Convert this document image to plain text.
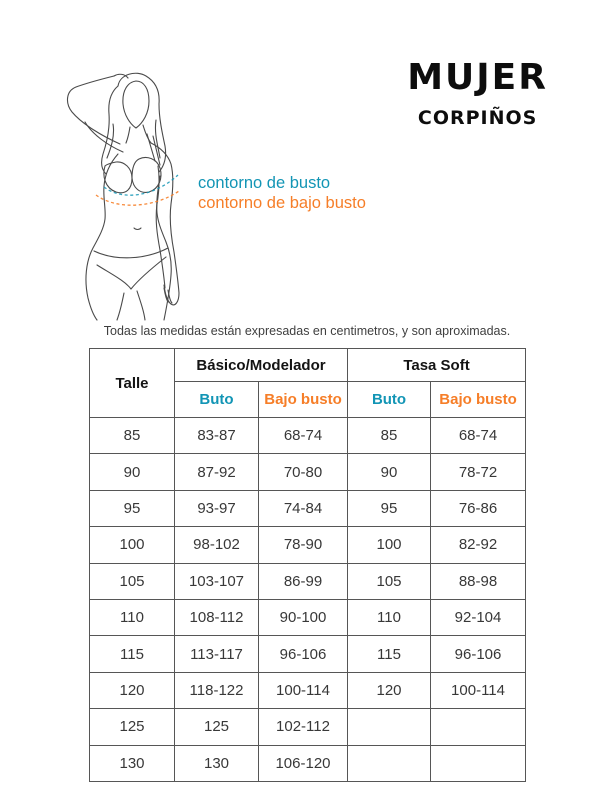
MUJER
CORPIÑOS
contorno de busto
contorno de bajo busto
Todas las medidas están expresadas en centimetros, y son aproximadas.
Talle	Básico/Modelador		Tasa Soft	
	Buto	Bajo busto	Buto	Bajo busto
85	83-87	68-74	85	68-74
90	87-92	70-80	90	78-72
95	93-97	74-84	95	76-86
100	98-102	78-90	100	82-92
105	103-107	86-99	105	88-98
110	108-112	90-100	110	92-104
115	113-117	96-106	115	96-106
120	118-122	100-114	120	100-114
125	125	102-112		
130	130	106-120		
